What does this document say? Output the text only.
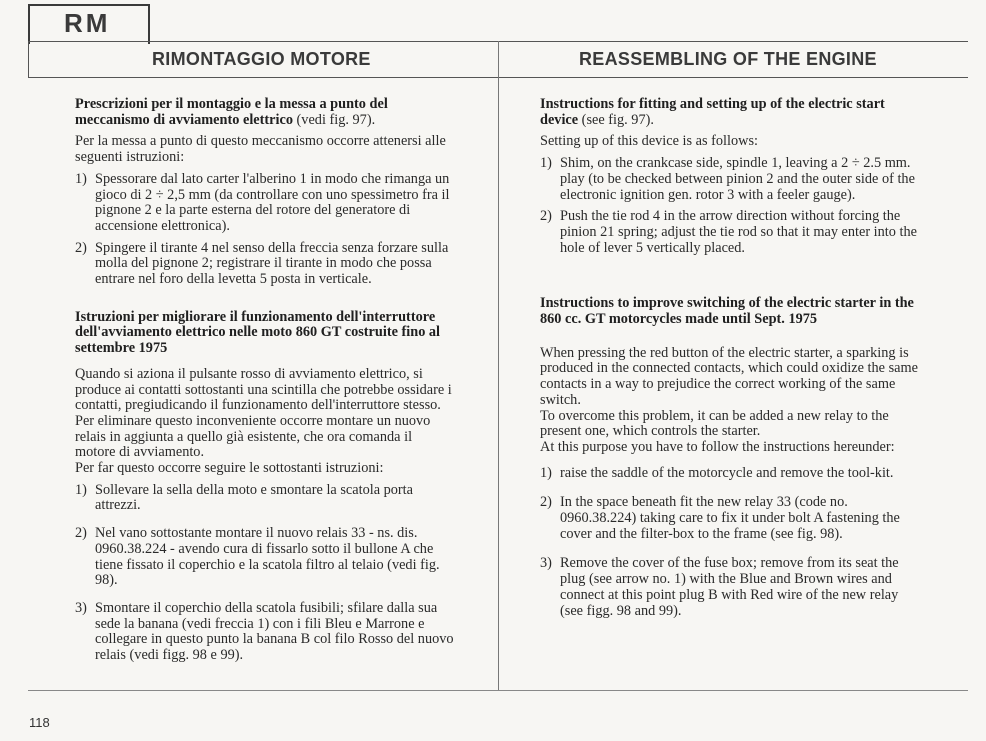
RM
RIMONTAGGIO MOTORE	REASSEMBLING OF THE ENGINE

Prescrizioni per il montaggio e la messa a punto del meccanismo di avviamento elettrico (vedi fig. 97).

Per la messa a punto di questo meccanismo occorre attenersi alle seguenti istruzioni:

1) Spessorare dal lato carter l'alberino 1 in modo che rimanga un gioco di 2 ÷ 2,5 mm (da controllare con uno spessimetro fra il pignone 2 e la parte esterna del rotore del generatore di accensione elettronica).
2) Spingere il tirante 4 nel senso della freccia senza forzare sulla molla del pignone 2; registrare il tirante in modo che possa entrare nel foro della levetta 5 posta in verticale.

Istruzioni per migliorare il funzionamento dell'interruttore dell'avviamento elettrico nelle moto 860 GT costruite fino al settembre 1975

Quando si aziona il pulsante rosso di avviamento elettrico, si produce ai contatti sottostanti una scintilla che potrebbe ossidare i contatti, pregiudicando il funzionamento dell'interruttore stesso.

Per eliminare questo inconveniente occorre montare un nuovo relais in aggiunta a quello già esistente, che ora comanda il motore di avviamento.

Per far questo occorre seguire le sottostanti istruzioni:

1) Sollevare la sella della moto e smontare la scatola porta attrezzi.
2) Nel vano sottostante montare il nuovo relais 33 - ns. dis. 0960.38.224 - avendo cura di fissarlo sotto il bullone A che tiene fissato il coperchio e la scatola filtro al telaio (vedi fig. 98).
3) Smontare il coperchio della scatola fusibili; sfilare dalla sua sede la banana (vedi freccia 1) con i fili Bleu e Marrone e collegare in questo punto la banana B col filo Rosso del nuovo relais (vedi figg. 98 e 99).

Instructions for fitting and setting up of the electric start device (see fig. 97).

Setting up of this device is as follows:

1) Shim, on the crankcase side, spindle 1, leaving a 2 ÷ 2.5 mm. play (to be checked between pinion 2 and the outer side of the electronic ignition gen. rotor 3 with a feeler gauge).
2) Push the tie rod 4 in the arrow direction without forcing the pinion 21 spring; adjust the tie rod so that it may enter into the hole of lever 5 vertically placed.

Instructions to improve switching of the electric starter in the 860 cc. GT motorcycles made until Sept. 1975

When pressing the red button of the electric starter, a sparking is produced in the connected contacts, which could oxidize the same contacts in a way to prejudice the correct working of the same switch.

To overcome this problem, it can be added a new relay to the present one, which controls the starter.

At this purpose you have to follow the instructions hereunder:

1) raise the saddle of the motorcycle and remove the tool-kit.
2) In the space beneath fit the new relay 33 (code no. 0960.38.224) taking care to fix it under bolt A fastening the cover and the filter-box to the frame (see fig. 98).
3) Remove the cover of the fuse box; remove from its seat the plug (see arrow no. 1) with the Blue and Brown wires and connect at this point plug B with Red wire of the new relay (see figg. 98 and 99).
118
